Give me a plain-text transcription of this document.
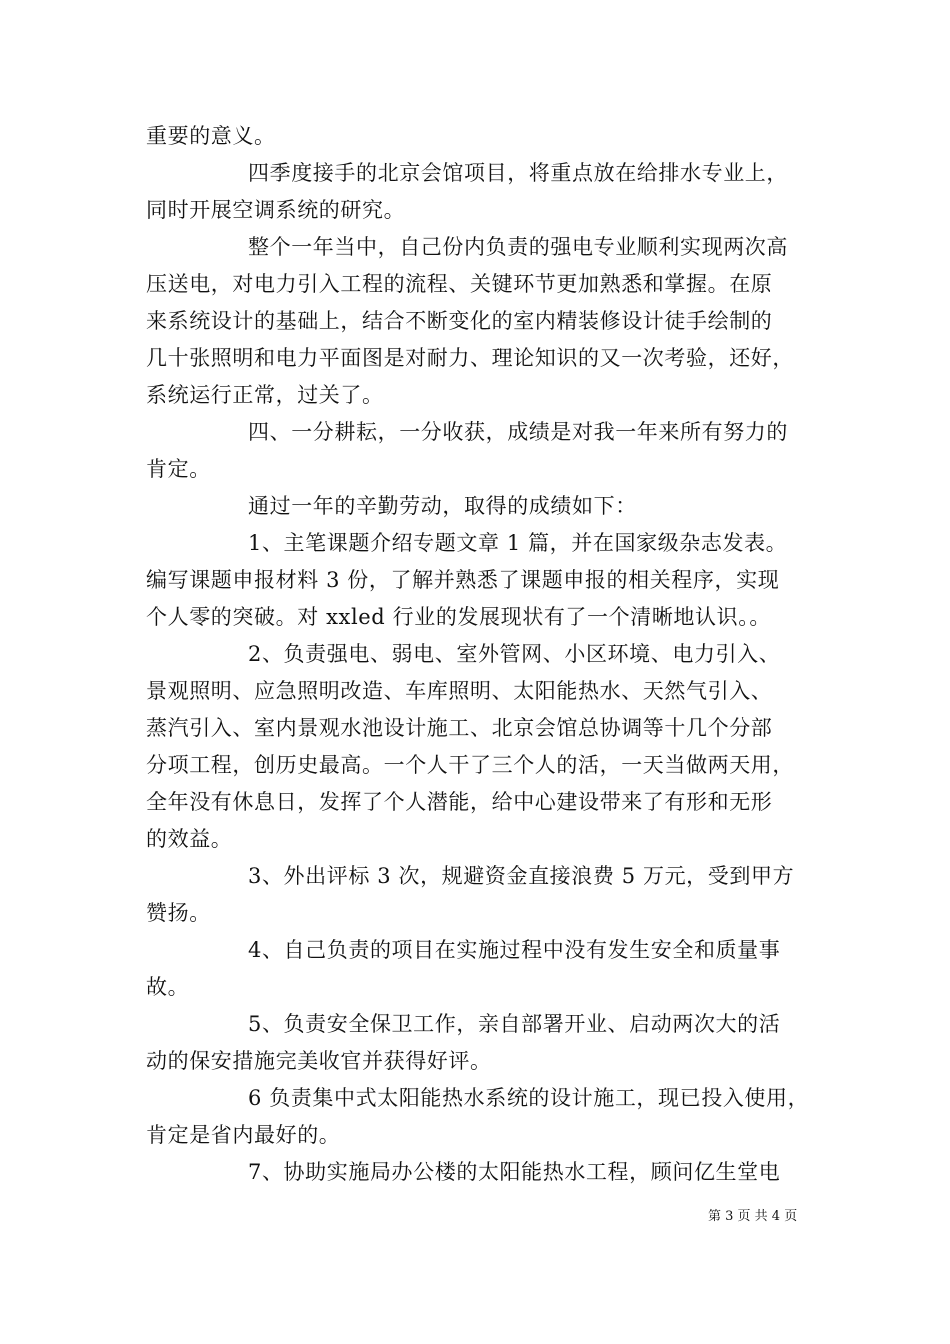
重要的意义。
四季度接手的北京会馆项目，将重点放在给排水专业上，
同时开展空调系统的研究。
整个一年当中，自己份内负责的强电专业顺利实现两次高
压送电，对电力引入工程的流程、关键环节更加熟悉和掌握。在原
来系统设计的基础上，结合不断变化的室内精装修设计徒手绘制的
几十张照明和电力平面图是对耐力、理论知识的又一次考验，还好，
系统运行正常，过关了。
四、一分耕耘，一分收获，成绩是对我一年来所有努力的
肯定。
通过一年的辛勤劳动，取得的成绩如下：
1、主笔课题介绍专题文章 1 篇，并在国家级杂志发表。
编写课题申报材料 3 份，了解并熟悉了课题申报的相关程序，实现
个人零的突破。对 xxled 行业的发展现状有了一个清晰地认识。。
2、负责强电、弱电、室外管网、小区环境、电力引入、
景观照明、应急照明改造、车库照明、太阳能热水、天然气引入、
蒸汽引入、室内景观水池设计施工、北京会馆总协调等十几个分部
分项工程，创历史最高。一个人干了三个人的活，一天当做两天用，
全年没有休息日，发挥了个人潜能，给中心建设带来了有形和无形
的效益。
3、外出评标 3 次，规避资金直接浪费 5 万元，受到甲方
赞扬。
4、自己负责的项目在实施过程中没有发生安全和质量事
故。
5、负责安全保卫工作，亲自部署开业、启动两次大的活
动的保安措施完美收官并获得好评。
6 负责集中式太阳能热水系统的设计施工，现已投入使用，
肯定是省内最好的。
7、协助实施局办公楼的太阳能热水工程，顾问亿生堂电
第 3 页 共 4 页
